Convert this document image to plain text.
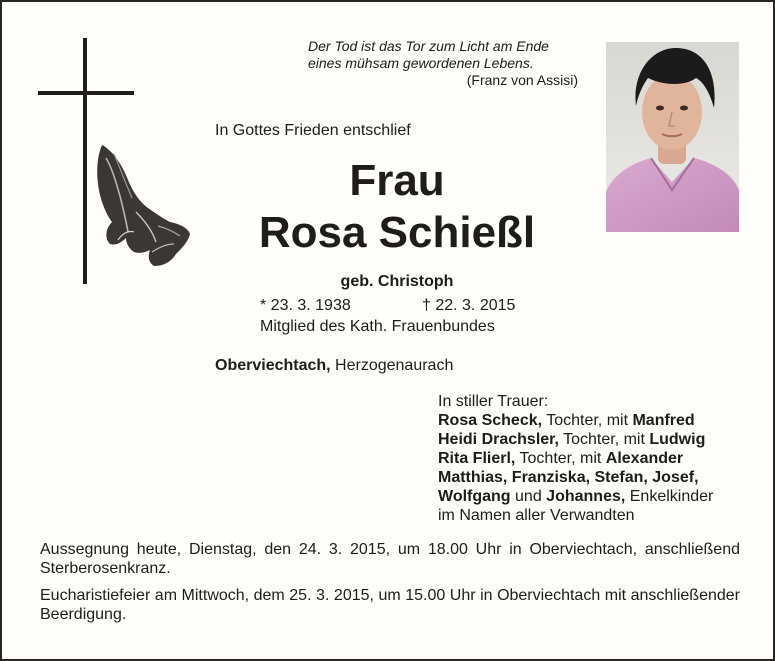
Der Tod ist das Tor zum Licht am Ende
eines mühsam gewordenen Lebens.
(Franz von Assisi)
In Gottes Frieden entschlief
Frau
Rosa Schießl
geb. Christoph
* 23. 3. 1938	† 22. 3. 2015
Mitglied des Kath. Frauenbundes
Oberviechtach, Herzogenaurach
In stiller Trauer:
Rosa Scheck, Tochter, mit Manfred
Heidi Drachsler, Tochter, mit Ludwig
Rita Flierl, Tochter, mit Alexander
Matthias, Franziska, Stefan, Josef,
Wolfgang und Johannes, Enkelkinder
im Namen aller Verwandten
Aussegnung heute, Dienstag, den 24. 3. 2015, um 18.00 Uhr in Oberviechtach, anschließend Sterberosenkranz.
Eucharistiefeier am Mittwoch, dem 25. 3. 2015, um 15.00 Uhr in Oberviechtach mit anschließender Beerdigung.
